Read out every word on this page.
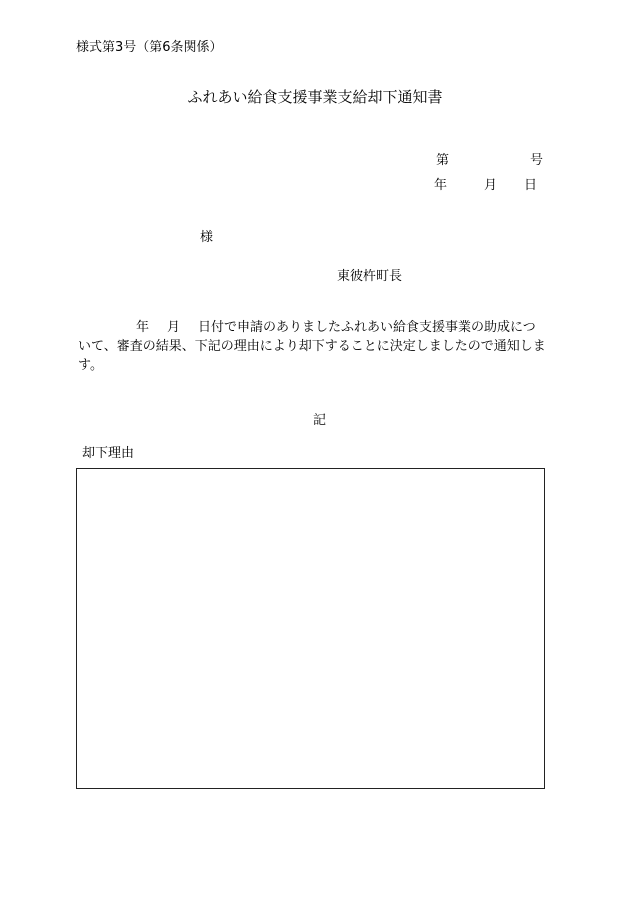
様式第3号（第6条関係）
ふれあい給食支援事業支給却下通知書
第	号
年	月 日
様
東彼杵町長
年 月 日付で申請のありましたふれあい給食支援事業の助成について、審査の結果、下記の理由により却下することに決定しましたので通知します。
記
却下理由
